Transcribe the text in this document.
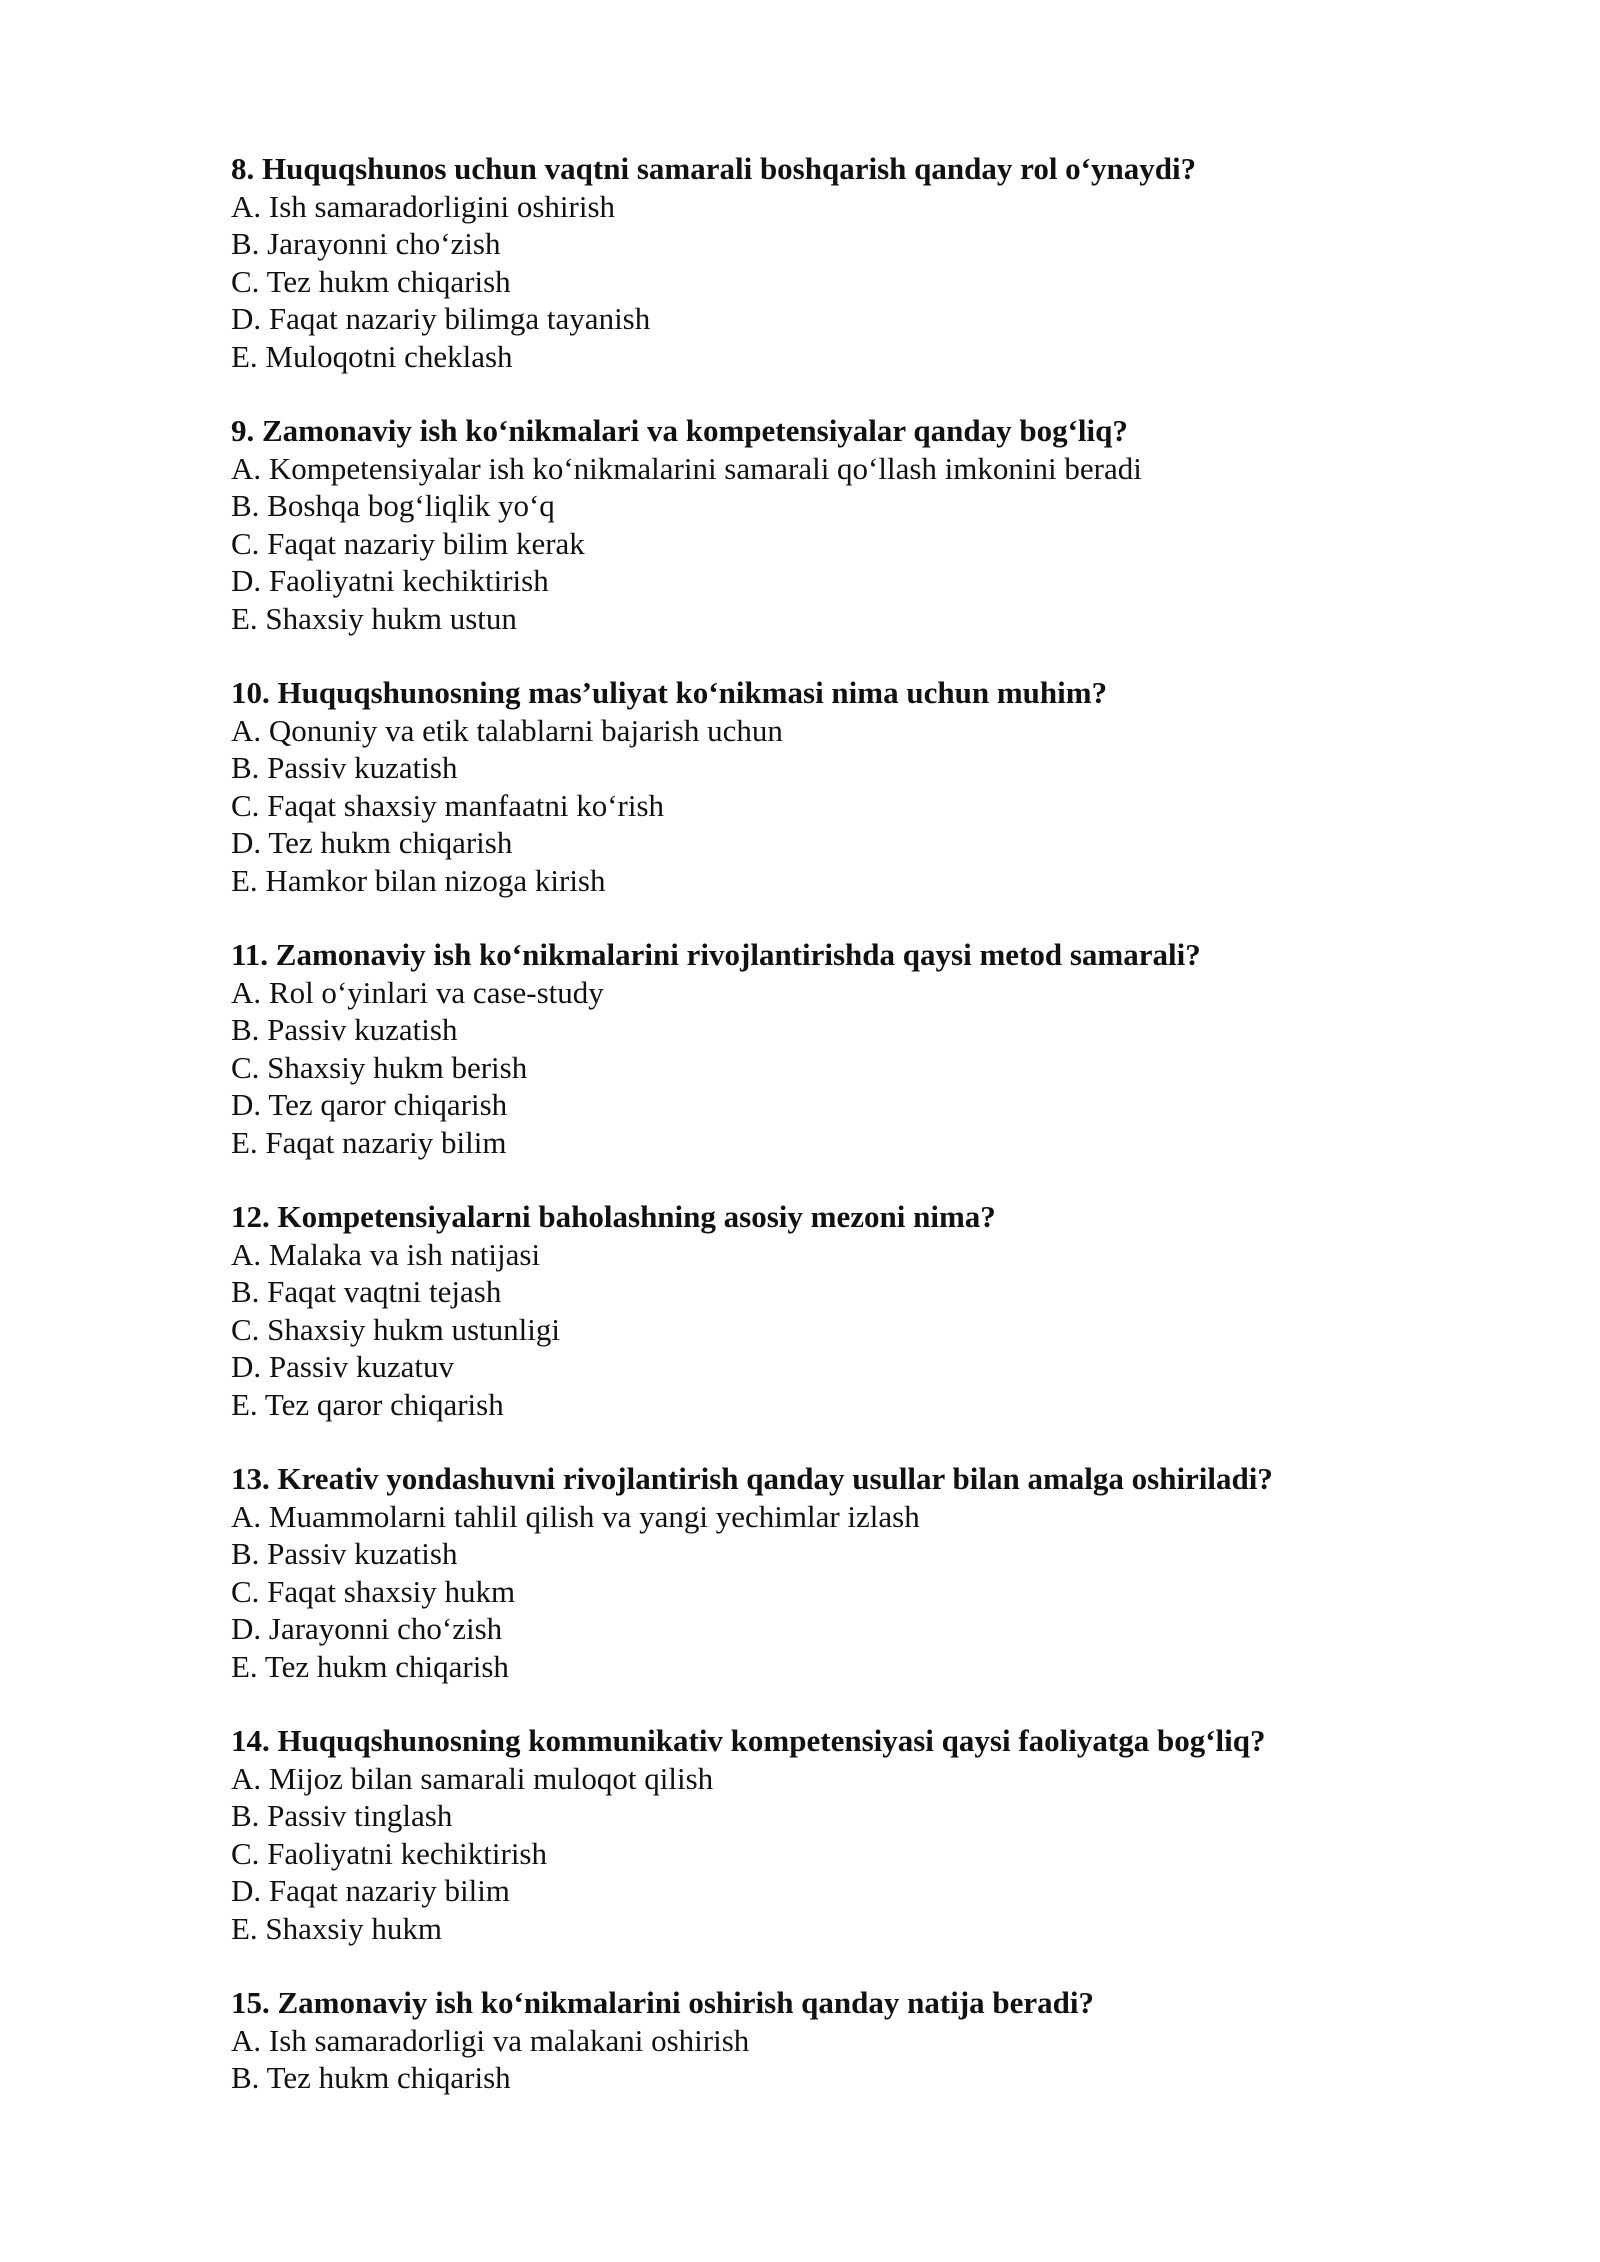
8. Huquqshunos uchun vaqtni samarali boshqarish qanday rol o‘ynaydi?
A. Ish samaradorligini oshirish
B. Jarayonni cho‘zish
C. Tez hukm chiqarish
D. Faqat nazariy bilimga tayanish
E. Muloqotni cheklash
9. Zamonaviy ish ko‘nikmalari va kompetensiyalar qanday bog‘liq?
A. Kompetensiyalar ish ko‘nikmalarini samarali qo‘llash imkonini beradi
B. Boshqa bog‘liqlik yo‘q
C. Faqat nazariy bilim kerak
D. Faoliyatni kechiktirish
E. Shaxsiy hukm ustun
10. Huquqshunosning mas’uliyat ko‘nikmasi nima uchun muhim?
A. Qonuniy va etik talablarni bajarish uchun
B. Passiv kuzatish
C. Faqat shaxsiy manfaatni ko‘rish
D. Tez hukm chiqarish
E. Hamkor bilan nizoga kirish
11. Zamonaviy ish ko‘nikmalarini rivojlantirishda qaysi metod samarali?
A. Rol o‘yinlari va case-study
B. Passiv kuzatish
C. Shaxsiy hukm berish
D. Tez qaror chiqarish
E. Faqat nazariy bilim
12. Kompetensiyalarni baholashning asosiy mezoni nima?
A. Malaka va ish natijasi
B. Faqat vaqtni tejash
C. Shaxsiy hukm ustunligi
D. Passiv kuzatuv
E. Tez qaror chiqarish
13. Kreativ yondashuvni rivojlantirish qanday usullar bilan amalga oshiriladi?
A. Muammolarni tahlil qilish va yangi yechimlar izlash
B. Passiv kuzatish
C. Faqat shaxsiy hukm
D. Jarayonni cho‘zish
E. Tez hukm chiqarish
14. Huquqshunosning kommunikativ kompetensiyasi qaysi faoliyatga bog‘liq?
A. Mijoz bilan samarali muloqot qilish
B. Passiv tinglash
C. Faoliyatni kechiktirish
D. Faqat nazariy bilim
E. Shaxsiy hukm
15. Zamonaviy ish ko‘nikmalarini oshirish qanday natija beradi?
A. Ish samaradorligi va malakani oshirish
B. Tez hukm chiqarish
